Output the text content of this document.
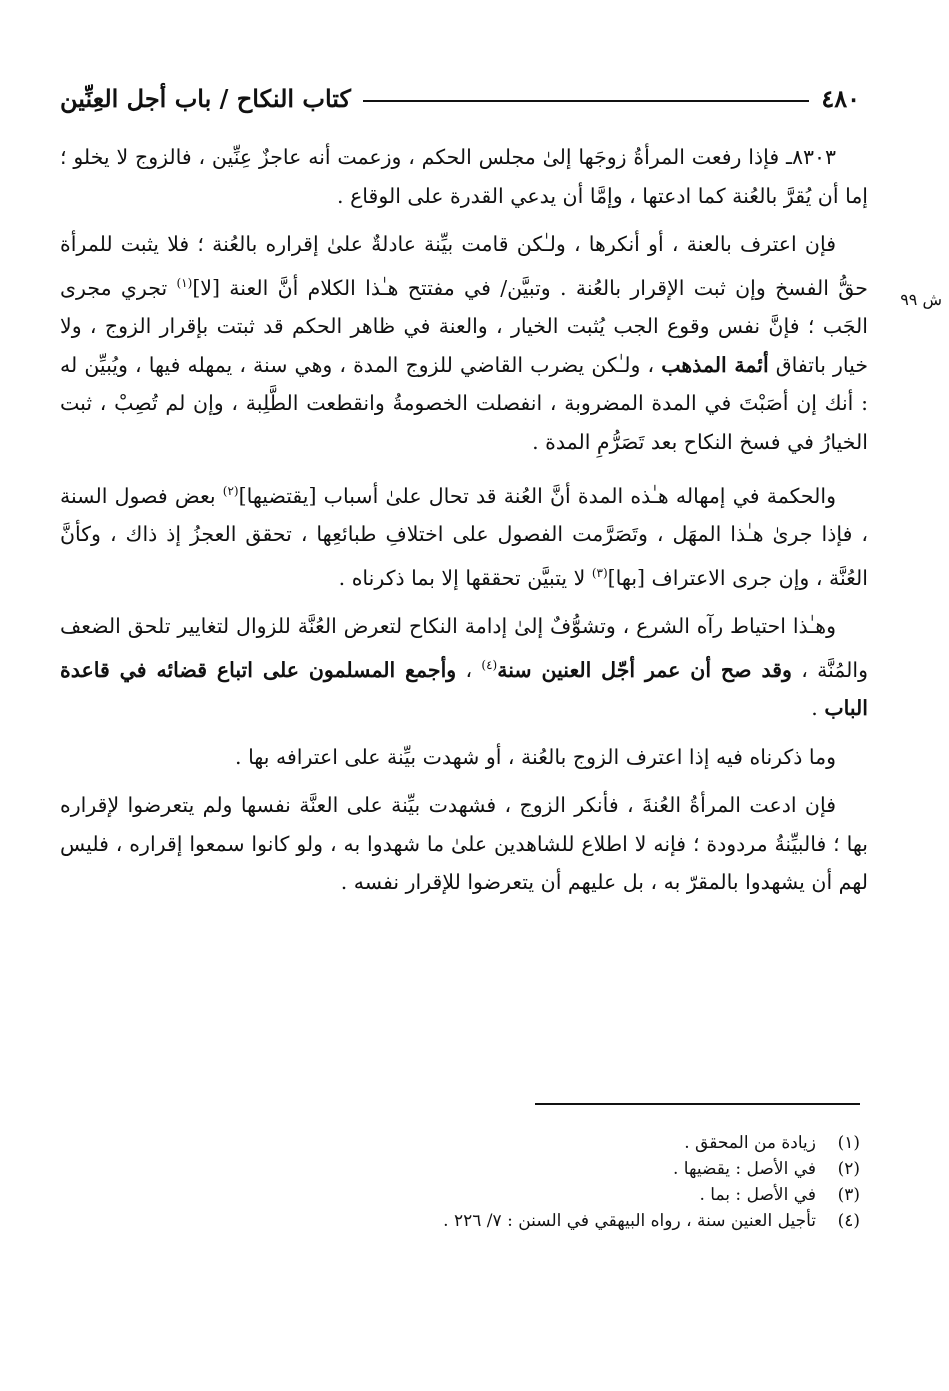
٤٨٠
كتاب النكاح / باب أجل العِنِّين
ش ٩٩

٨٣٠٣ـ فإذا رفعت المرأةُ زوجَها إلىٰ مجلس الحكم ، وزعمت أنه عاجزٌ عِنِّين ، فالزوج لا يخلو ؛ إما أن يُقرَّ بالعُنة كما ادعتها ، وإمَّا أن يدعي القدرة على الوقاع .

فإن اعترف بالعنة ، أو أنكرها ، ولـٰكن قامت بيِّنة عادلةٌ علىٰ إقراره بالعُنة ؛ فلا يثبت للمرأة حقُّ الفسخ وإن ثبت الإقرار بالعُنة . وتبيَّن/ في مفتتح هـٰذا الكلام أنَّ العنة [لا]$^{(١)}$ تجري مجرى الجَب ؛ فإنَّ نفس وقوع الجب يُثبت الخيار ، والعنة في ظاهر الحكم قد ثبتت بإقرار الزوج ، ولا خيار باتفاق أئمة المذهب ، ولـٰكن يضرب القاضي للزوج المدة ، وهي سنة ، يمهله فيها ، ويُبيِّن له : أنك إن أصَبْتَ في المدة المضروبة ، انفصلت الخصومةُ وانقطعت الطَّلِبة ، وإن لم تُصِبْ ، ثبت الخيارُ في فسخ النكاح بعد تَصَرُّمِ المدة .

والحكمة في إمهاله هـٰذه المدة أنَّ العُنة قد تحال علىٰ أسباب [يقتضيها]$^{(٢)}$ بعض فصول السنة ، فإذا جرىٰ هـٰذا المهَل ، وتَصَرَّمت الفصول على اختلافِ طبائعِها ، تحقق العجزُ إذ ذاك ، وكأنَّ العُنَّة ، وإن جرى الاعتراف [بها]$^{(٣)}$ لا يتبيَّن تحققها إلا بما ذكرناه .

وهـٰذا احتياط رآه الشرع ، وتشوُّفٌ إلىٰ إدامة النكاح لتعرض العُنَّة للزوال لتغايير تلحق الضعف والمُنَّة ، وقد صح أن عمر أجّل العنين سنة$^{(٤)}$ ، وأجمع المسلمون على اتباع قضائه في قاعدة الباب .

وما ذكرناه فيه إذا اعترف الزوج بالعُنة ، أو شهدت بيِّنة على اعترافه بها .

فإن ادعت المرأةُ العُنةَ ، فأنكر الزوج ، فشهدت بيِّنة على العنَّة نفسها ولم يتعرضوا لإقراره بها ؛ فالبيِّنةُ مردودة ؛ فإنه لا اطلاع للشاهدين علىٰ ما شهدوا به ، ولو كانوا سمعوا إقراره ، فليس لهم أن يشهدوا بالمقرّ به ، بل عليهم أن يتعرضوا للإقرار نفسه .

(١)
زيادة من المحقق .
(٢)
في الأصل : يقضيها .
(٣)
في الأصل : بما .
(٤)
تأجيل العنين سنة ، رواه البيهقي في السنن : ٧/ ٢٢٦ .
